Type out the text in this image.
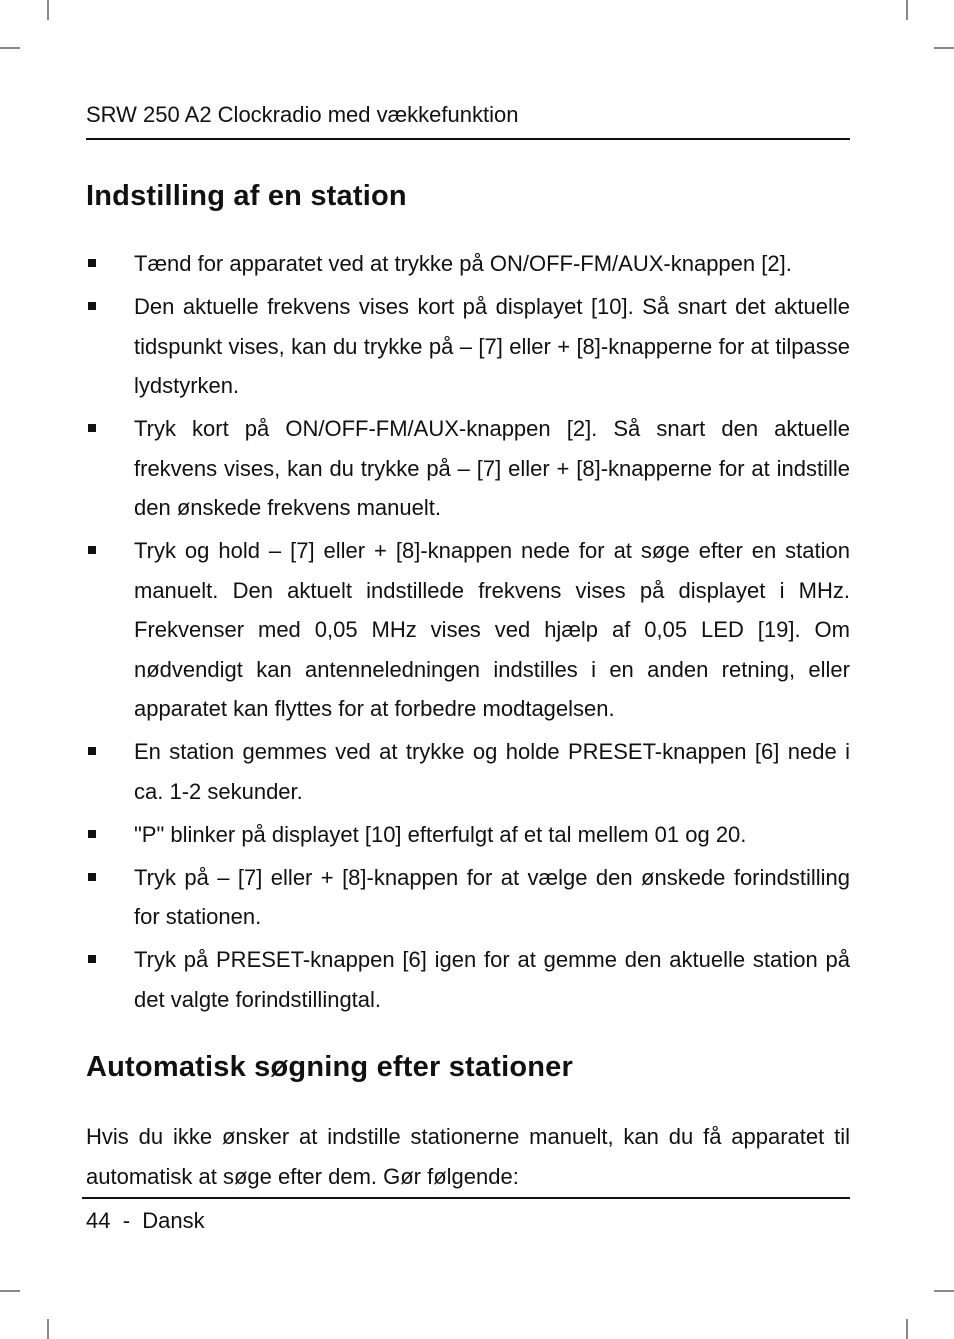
SRW 250 A2 Clockradio med vækkefunktion
Indstilling af en station
Tænd for apparatet ved at trykke på ON/OFF-FM/AUX-knappen [2].
Den aktuelle frekvens vises kort på displayet [10]. Så snart det aktuelle tidspunkt vises, kan du trykke på – [7] eller + [8]-knapperne for at tilpasse lydstyrken.
Tryk kort på ON/OFF-FM/AUX-knappen [2]. Så snart den aktuelle frekvens vises, kan du trykke på – [7] eller + [8]-knapperne for at indstille den ønskede frekvens manuelt.
Tryk og hold – [7] eller + [8]-knappen nede for at søge efter en station manuelt. Den aktuelt indstillede frekvens vises på displayet i MHz. Frekvenser med 0,05 MHz vises ved hjælp af 0,05 LED [19]. Om nødvendigt kan antenneledningen indstilles i en anden retning, eller apparatet kan flyttes for at forbedre modtagelsen.
En station gemmes ved at trykke og holde PRESET-knappen [6] nede i ca. 1-2 sekunder.
"P" blinker på displayet [10] efterfulgt af et tal mellem 01 og 20.
Tryk på – [7] eller + [8]-knappen for at vælge den ønskede forindstilling for stationen.
Tryk på PRESET-knappen [6] igen for at gemme den aktuelle station på det valgte forindstillingtal.
Automatisk søgning efter stationer

Hvis du ikke ønsker at indstille stationerne manuelt, kan du få apparatet til automatisk at søge efter dem. Gør følgende:

44  -  Dansk
